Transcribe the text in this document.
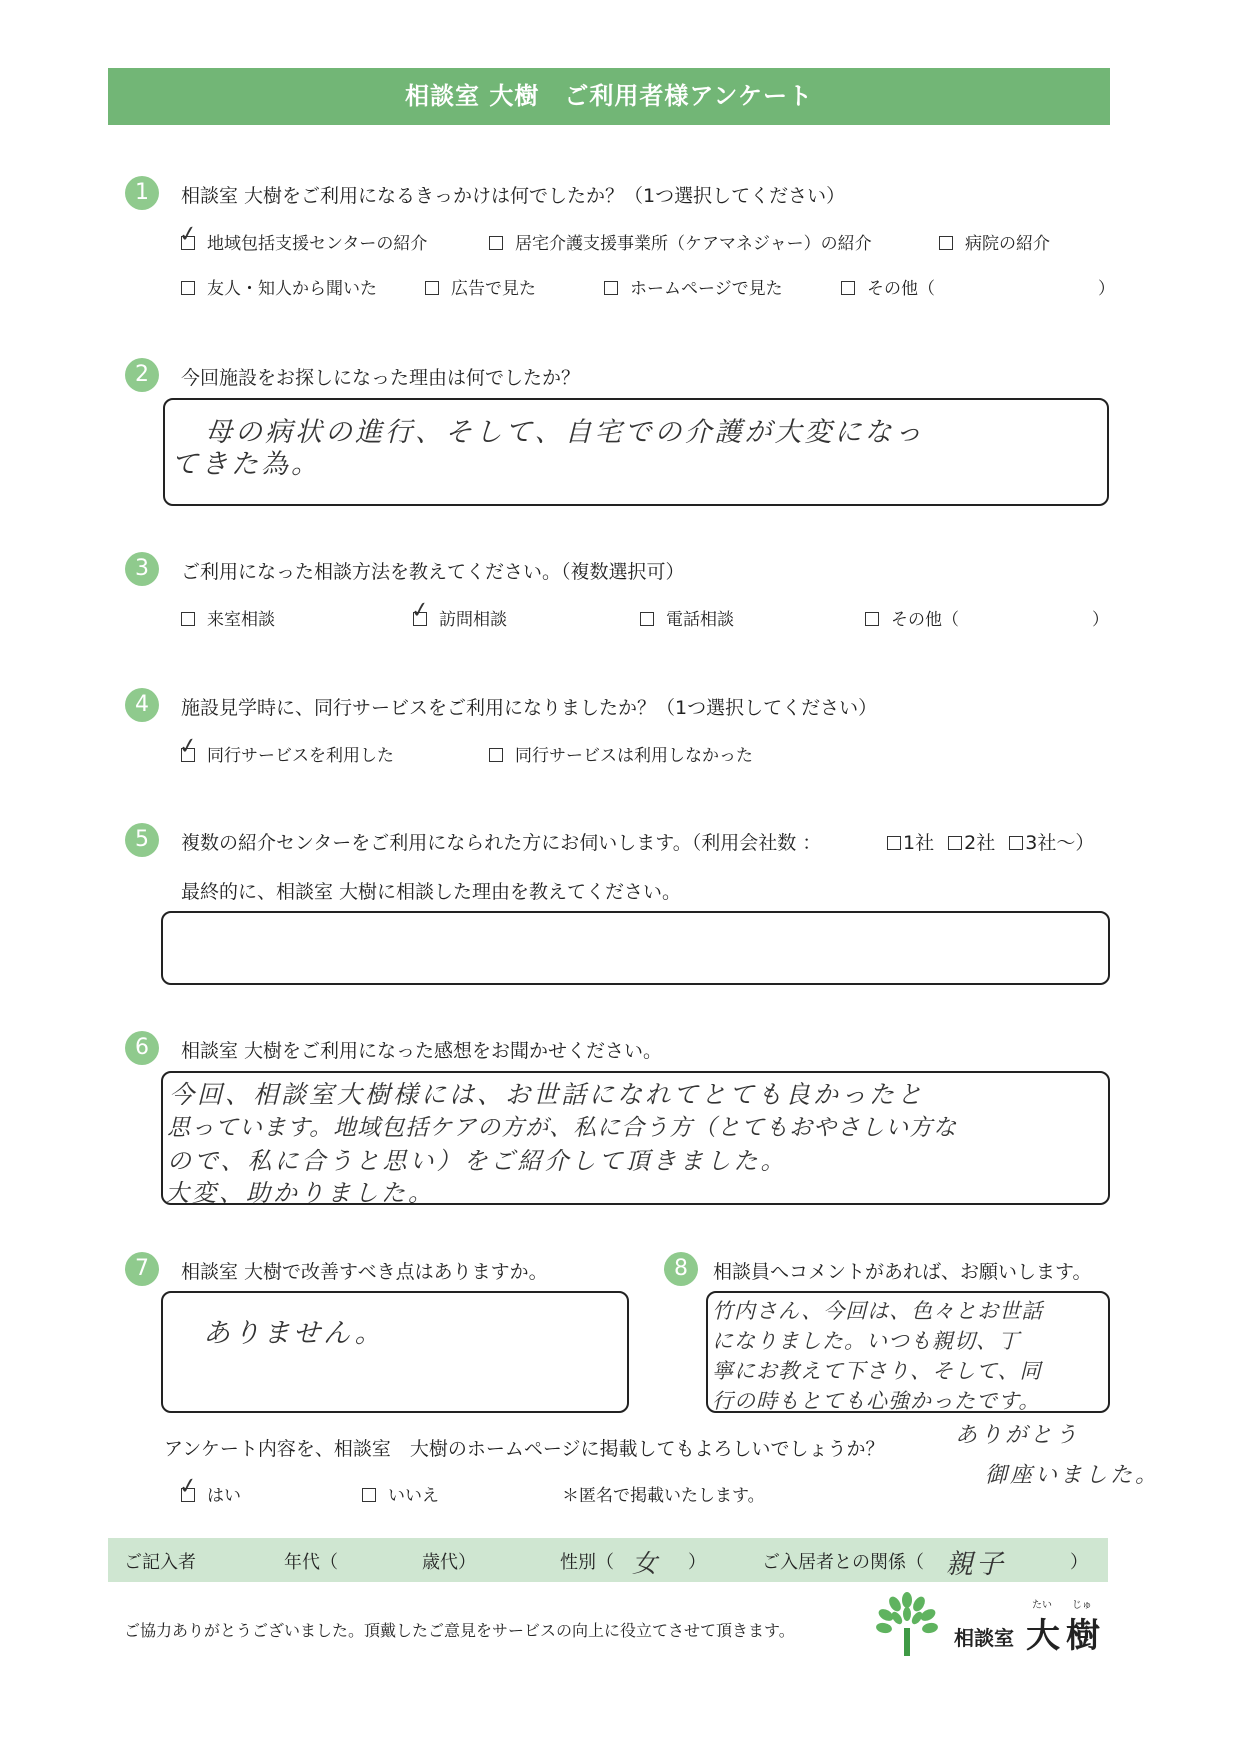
相談室 大樹　ご利用者様アンケート
1	相談室 大樹をご利用になるきっかけは何でしたか？（1つ選択してください）
✓ 地域包括支援センターの紹介	居宅介護支援事業所（ケアマネジャー）の紹介	病院の紹介
友人・知人から聞いた	広告で見た	ホームページで見た	その他（	）
2	今回施設をお探しになった理由は何でしたか？
母の病状の進行、そして、自宅での介護が大変になっ
てきた為。
3	ご利用になった相談方法を教えてください。（複数選択可）
来室相談	✓ 訪問相談	電話相談	その他（	）
4	施設見学時に、同行サービスをご利用になりましたか？（1つ選択してください）
✓ 同行サービスを利用した	同行サービスは利用しなかった
5	複数の紹介センターをご利用になられた方にお伺いします。（利用会社数 ：	1社 2社 3社〜）
最終的に、相談室 大樹に相談した理由を教えてください。
6	相談室 大樹をご利用になった感想をお聞かせください。
今回、相談室大樹様には、お世話になれてとても良かったと
思っています。地域包括ケアの方が、私に合う方（とてもおやさしい方な
ので、私に合うと思い）をご紹介して頂きました。
大変、助かりました。
7	相談室 大樹で改善すべき点はありますか。
ありません。
8	相談員へコメントがあれば、お願いします。
竹内さん、今回は、色々とお世話
になりました。いつも親切、丁
寧にお教えて下さり、そして、同
行の時もとても心強かったです。
ありがとう
御座いました。
アンケート内容を、相談室　大樹のホームページに掲載してもよろしいでしょうか？
✓ はい	いいえ	＊匿名で掲載いたします。
ご記入者	年代（	歳代）	性別（ 女 ）	ご入居者との関係（ 親子	）
ご協力ありがとうございました。頂戴したご意見をサービスの向上に役立てさせて頂きます。	相談室 大樹
たい じゅ
